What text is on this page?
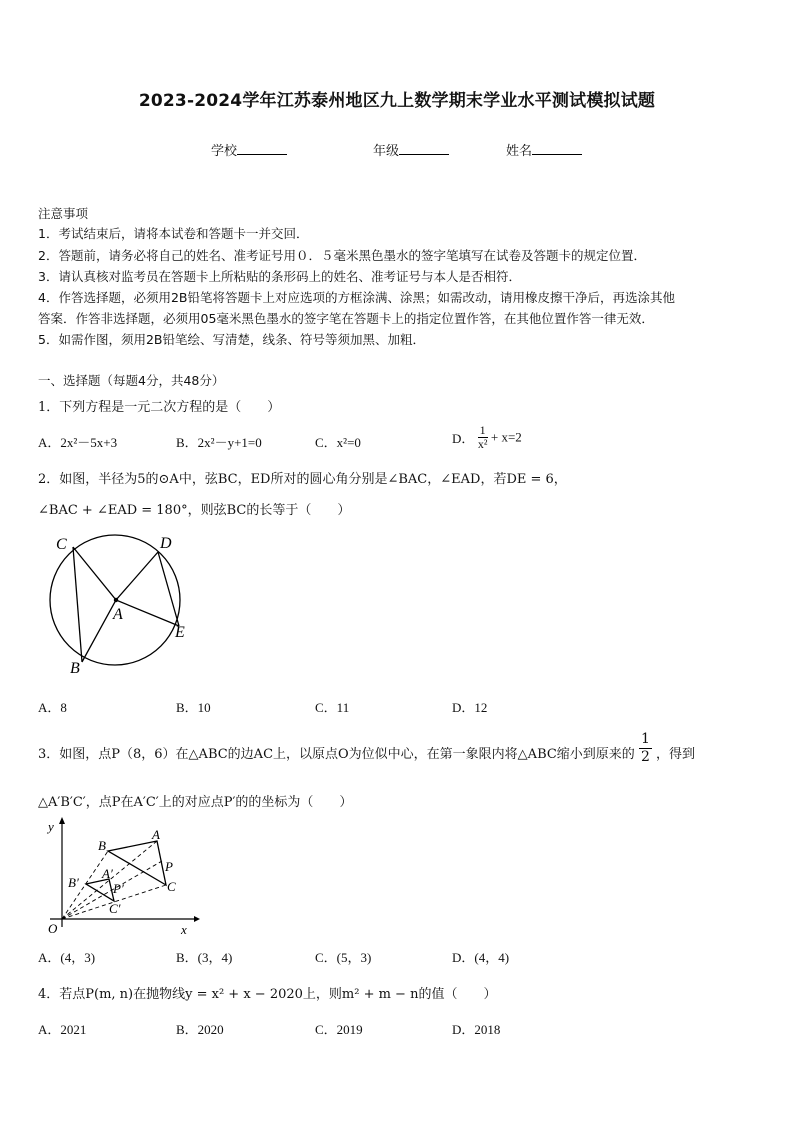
2023-2024学年江苏泰州地区九上数学期末学业水平测试模拟试题
学校	年级	姓名
注意事项
1．考试结束后，请将本试卷和答题卡一并交回．
2．答题前，请务必将自己的姓名、准考证号用０．５毫米黑色墨水的签字笔填写在试卷及答题卡的规定位置．
3．请认真核对监考员在答题卡上所粘贴的条形码上的姓名、准考证号与本人是否相符．
4．作答选择题，必须用2B铅笔将答题卡上对应选项的方框涂满、涂黑；如需改动，请用橡皮擦干净后，再选涂其他
答案．作答非选择题，必须用05毫米黑色墨水的签字笔在答题卡上的指定位置作答，在其他位置作答一律无效．
5．如需作图，须用2B铅笔绘、写清楚，线条、符号等须加黑、加粗．
一、选择题（每题4分，共48分）
1．下列方程是一元二次方程的是（　　）
A．2x²－5x+3	B．2x²－y+1=0	C．x²=0	D． $\frac{1}{\text{x²}} + x=2$
2．如图，半径为5的⊙A中，弦BC，ED所对的圆心角分别是∠BAC，∠EAD，若DE = 6，
∠BAC + ∠EAD = 180°，则弦BC的长等于（　　）
C	D
A
E
B
A．8	B．10	C．11	D．12
3．如图，点P（8，6）在△ABC的边AC上，以原点O为位似中心，在第一象限内将△ABC缩小到原来的 $\frac{1}{2}$ ，得到
△A′B′C′，点P在A′C′上的对应点P′的的坐标为（　　）
y
x
O
B
A
P
C
B′
A′
P′
C′
A．(4，3)	B．(3，4)	C．(5，3)	D．(4，4)
4．若点P(m, n)在抛物线y = x² + x − 2020上，则m² + m − n的值（　　）
A．2021	B．2020	C．2019	D．2018
